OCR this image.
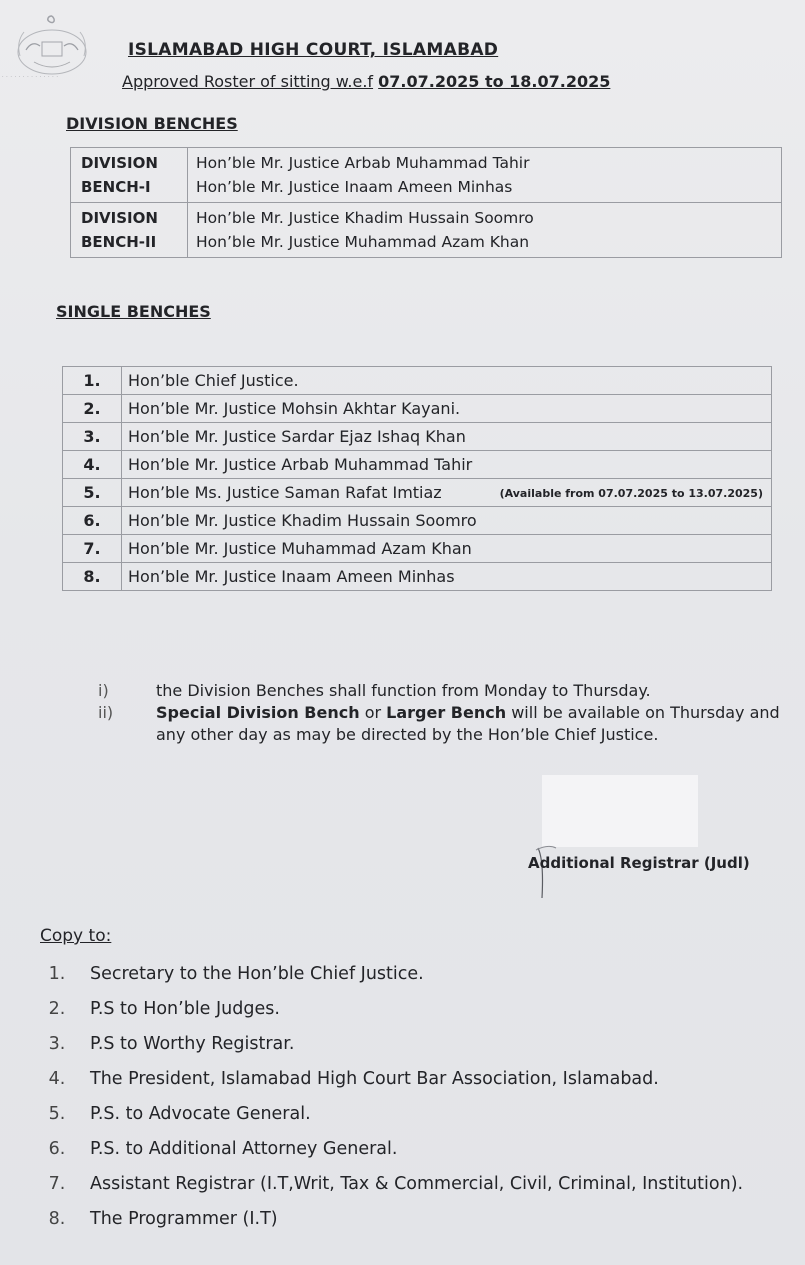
· · · · · · · · · · · · · ·
ISLAMABAD HIGH COURT, ISLAMABAD
Approved Roster of sitting w.e.f 07.07.2025 to 18.07.2025
DIVISION BENCHES
DIVISION BENCH-I	Hon’ble Mr. Justice Arbab Muhammad Tahir
Hon’ble Mr. Justice Inaam Ameen Minhas

DIVISION BENCH-II	Hon’ble Mr. Justice Khadim Hussain Soomro
Hon’ble Mr. Justice Muhammad Azam Khan
SINGLE BENCHES
1.	Hon’ble Chief Justice.
2.	Hon’ble Mr. Justice Mohsin Akhtar Kayani.
3.	Hon’ble Mr. Justice Sardar Ejaz Ishaq Khan
4.	Hon’ble Mr. Justice Arbab Muhammad Tahir
5.	Hon’ble Ms. Justice Saman Rafat Imtiaz (Available from 07.07.2025 to 13.07.2025)

6.	Hon’ble Mr. Justice Khadim Hussain Soomro
7.	Hon’ble Mr. Justice Muhammad Azam Khan
8.	Hon’ble Mr. Justice Inaam Ameen Minhas
i)	the Division Benches shall function from Monday to Thursday.
ii)	Special Division Bench or Larger Bench will be available on Thursday and any other day as may be directed by the Hon’ble Chief Justice.
Additional Registrar (Judl)
Copy to:
1.	Secretary to the Hon’ble Chief Justice.
2.	P.S to Hon’ble Judges.
3.	P.S to Worthy Registrar.
4.	The President, Islamabad High Court Bar Association, Islamabad.
5.	P.S. to Advocate General.
6.	P.S. to Additional Attorney General.
7.	Assistant Registrar (I.T,Writ, Tax & Commercial, Civil, Criminal, Institution).
8.	The Programmer (I.T)
